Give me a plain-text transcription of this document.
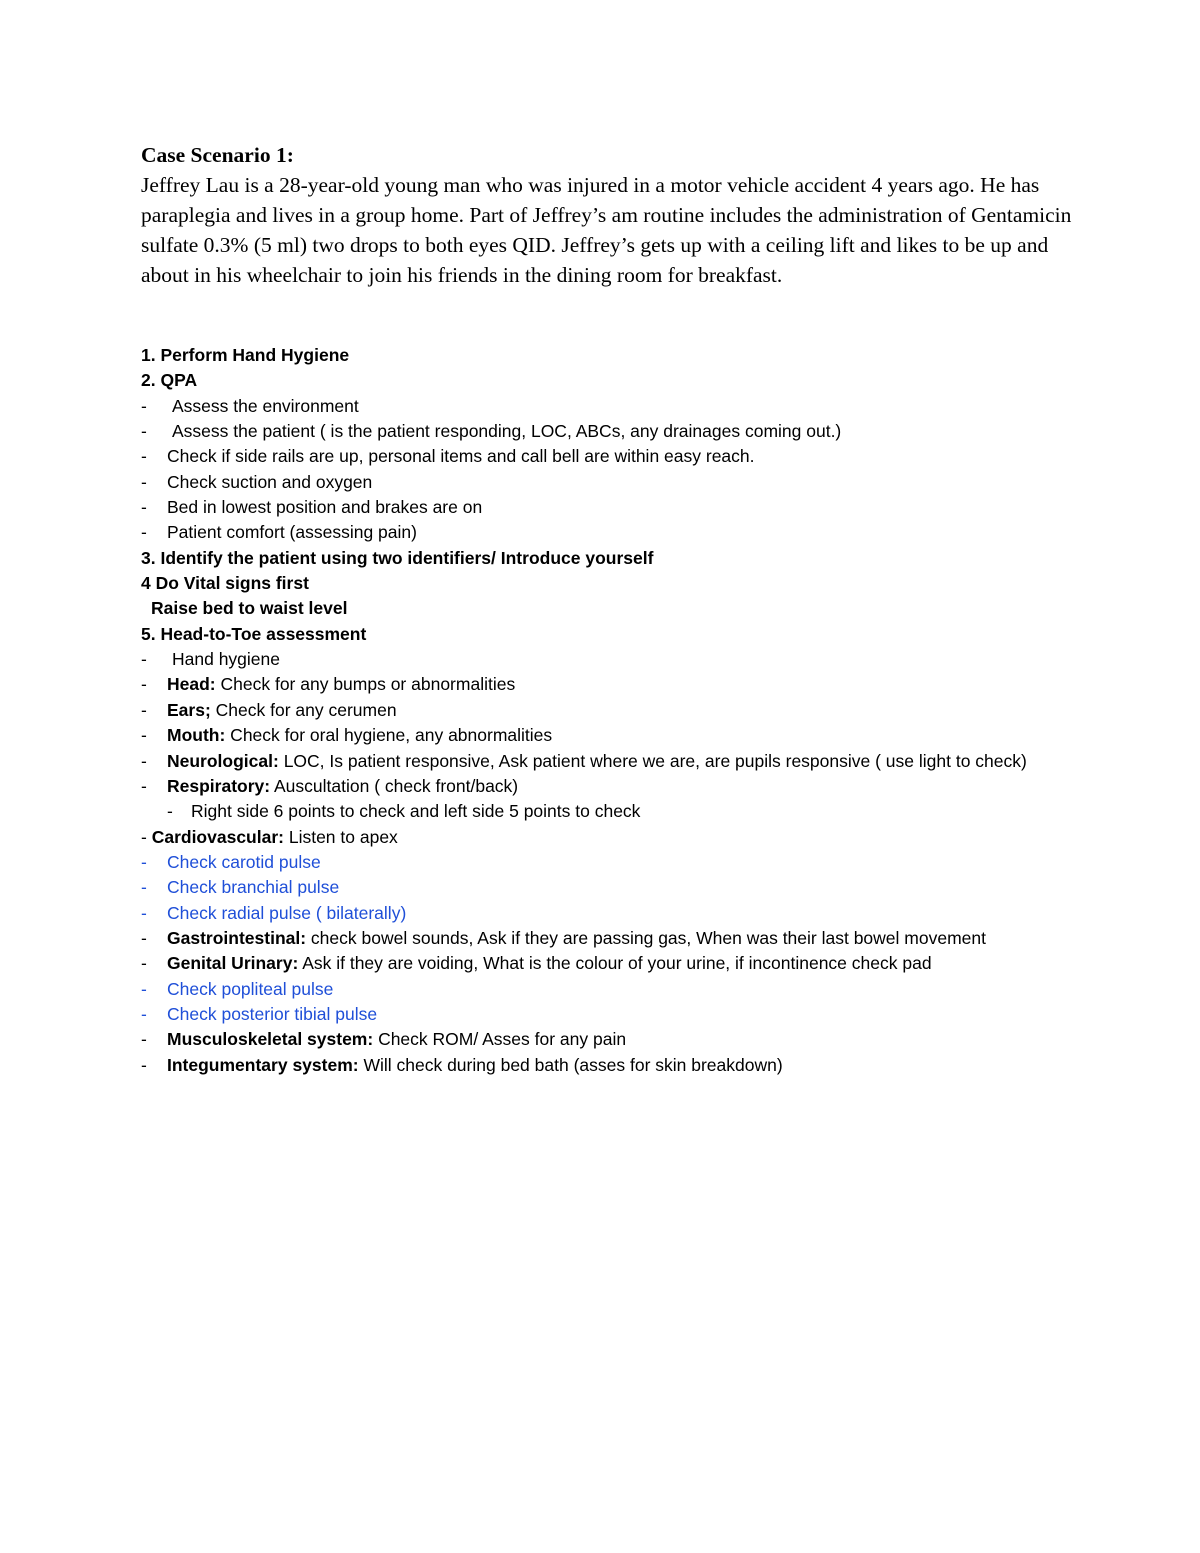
Case Scenario 1:
Jeffrey Lau is a 28-year-old young man who was injured in a motor vehicle accident 4 years ago. He has paraplegia and lives in a group home. Part of Jeffrey’s am routine includes the administration of Gentamicin sulfate 0.3% (5 ml) two drops to both eyes QID. Jeffrey’s gets up with a ceiling lift and likes to be up and about in his wheelchair to join his friends in the dining room for breakfast.
1. Perform Hand Hygiene
2. QPA
-	Assess the environment
-	Assess the patient ( is the patient responding, LOC, ABCs, any drainages coming out.)
-	Check if side rails are up, personal items and call bell are within easy reach.
-	Check suction and oxygen
-	Bed in lowest position and brakes are on
-	Patient comfort (assessing pain)
3. Identify the patient using two identifiers/ Introduce yourself
4 Do Vital signs first
Raise bed to waist level
5. Head-to-Toe assessment
-	Hand hygiene
-	Head: Check for any bumps or abnormalities
-	Ears; Check for any cerumen
-	Mouth: Check for oral hygiene, any abnormalities
-	Neurological: LOC, Is patient responsive, Ask patient where we are, are pupils responsive ( use light to check)
-	Respiratory: Auscultation ( check front/back)
-	Right side 6 points to check and left side 5 points to check
- Cardiovascular: Listen to apex
-	Check carotid pulse
-	Check branchial pulse
-	Check radial pulse ( bilaterally)
-	Gastrointestinal: check bowel sounds, Ask if they are passing gas, When was their last bowel movement
-	Genital Urinary: Ask if they are voiding, What is the colour of your urine, if incontinence check pad
-	Check popliteal pulse
-	Check posterior tibial pulse
-	Musculoskeletal system: Check ROM/ Asses for any pain
-	Integumentary system: Will check during bed bath (asses for skin breakdown)
